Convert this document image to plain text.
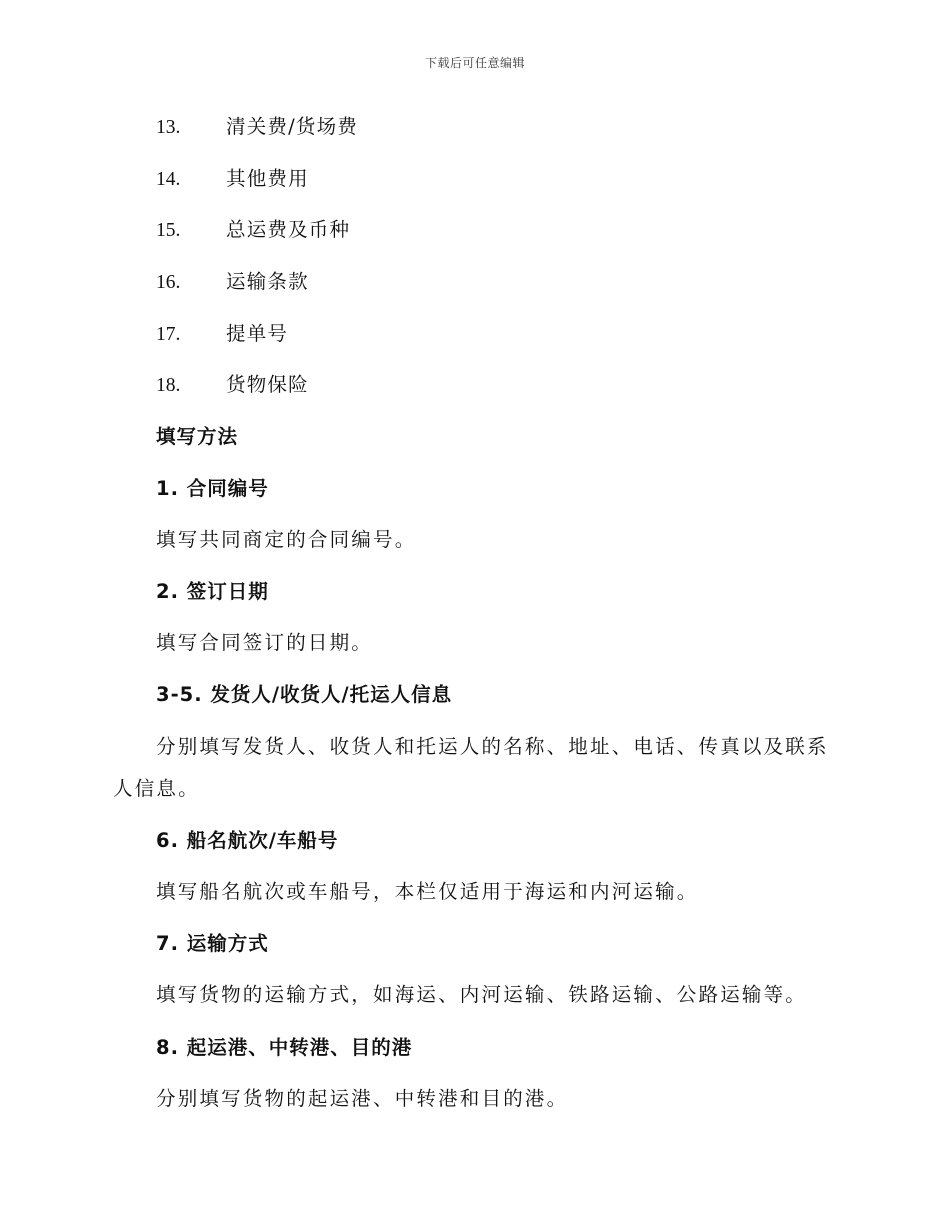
下载后可任意编辑
13. 清关费/货场费
14. 其他费用
15. 总运费及币种
16. 运输条款
17. 提单号
18. 货物保险
填写方法
1. 合同编号
填写共同商定的合同编号。
2. 签订日期
填写合同签订的日期。
3-5. 发货人/收货人/托运人信息
分别填写发货人、收货人和托运人的名称、地址、电话、传真以及联系人信息。
6. 船名航次/车船号
填写船名航次或车船号，本栏仅适用于海运和内河运输。
7. 运输方式
填写货物的运输方式，如海运、内河运输、铁路运输、公路运输等。
8. 起运港、中转港、目的港
分别填写货物的起运港、中转港和目的港。
